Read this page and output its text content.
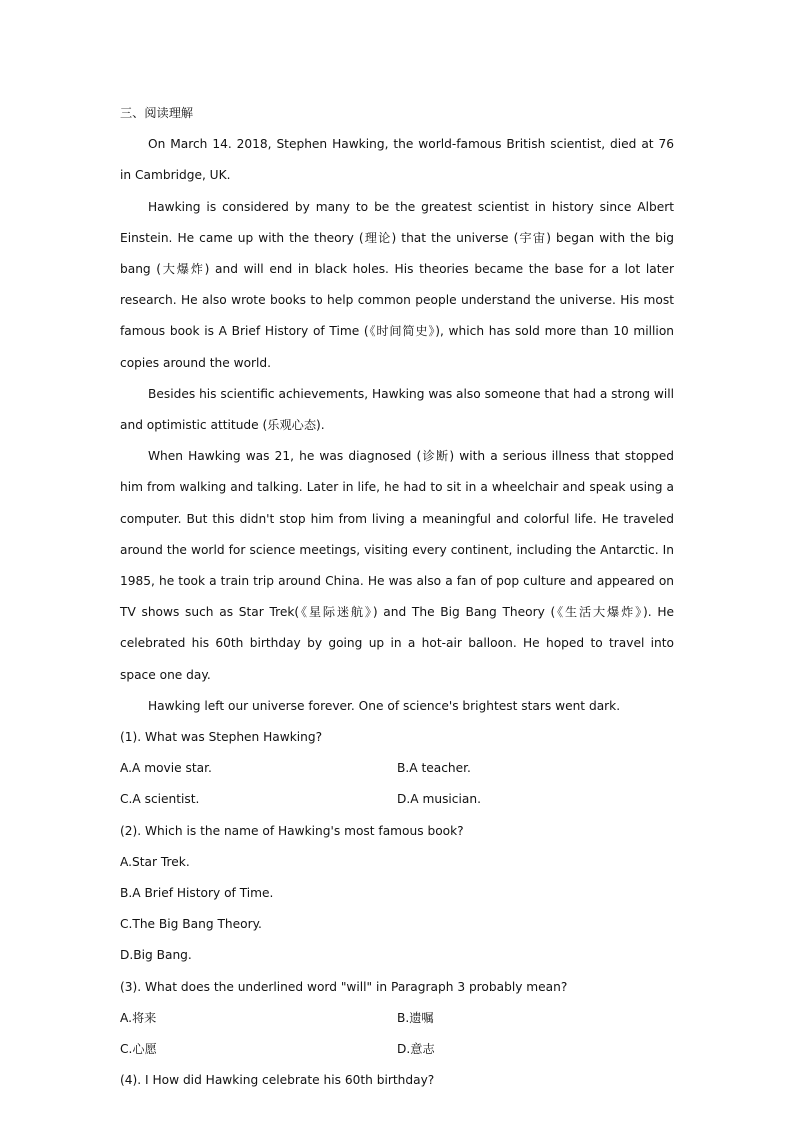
三、阅读理解

On March 14. 2018, Stephen Hawking, the world-famous British scientist, died at 76 in Cambridge, UK.

Hawking is considered by many to be the greatest scientist in history since Albert Einstein. He came up with the theory (理论) that the universe (宇宙) began with the big bang (大爆炸) and will end in black holes. His theories became the base for a lot later research. He also wrote books to help common people understand the universe. His most famous book is A Brief History of Time (《时间简史》), which has sold more than 10 million copies around the world.

Besides his scientific achievements, Hawking was also someone that had a strong will and optimistic attitude (乐观心态).

When Hawking was 21, he was diagnosed (诊断) with a serious illness that stopped him from walking and talking. Later in life, he had to sit in a wheelchair and speak using a computer. But this didn't stop him from living a meaningful and colorful life. He traveled around the world for science meetings, visiting every continent, including the Antarctic. In 1985, he took a train trip around China. He was also a fan of pop culture and appeared on TV shows such as Star Trek(《星际迷航》) and The Big Bang Theory (《生活大爆炸》). He celebrated his 60th birthday by going up in a hot-air balloon. He hoped to travel into space one day.

Hawking left our universe forever. One of science's brightest stars went dark.

(1). What was Stephen Hawking?
A.A movie star.	B.A teacher.
C.A scientist.	D.A musician.
(2). Which is the name of Hawking's most famous book?
A.Star Trek.
B.A Brief History of Time.
C.The Big Bang Theory.
D.Big Bang.
(3). What does the underlined word "will" in Paragraph 3 probably mean?
A.将来	B.遗嘱
C.心愿	D.意志
(4). I How did Hawking celebrate his 60th birthday?
